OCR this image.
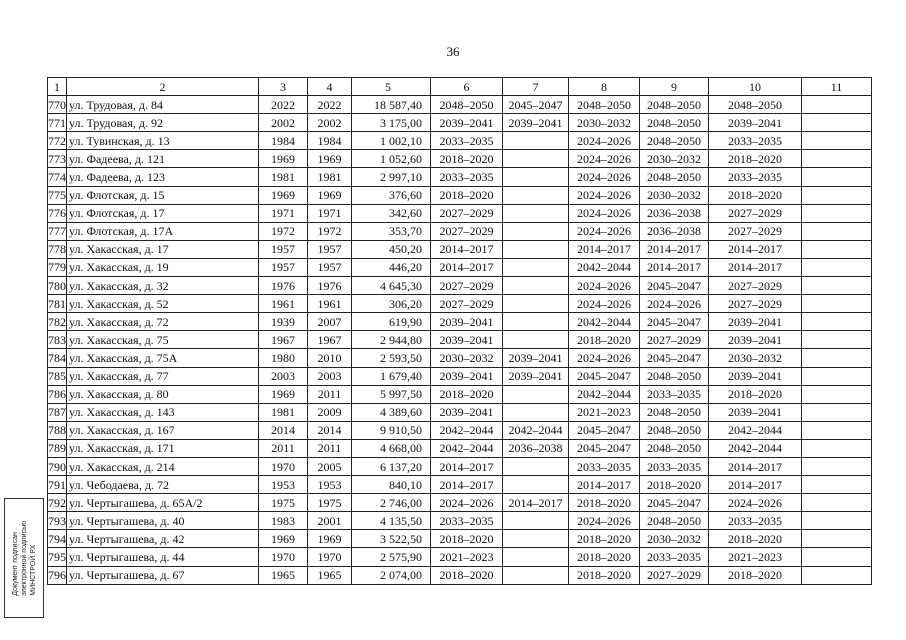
36
1	2	3	4	5	6	7	8	9	10	11
770	ул. Трудовая, д. 84	2022	2022	18 587,40	2048–2050	2045–2047	2048–2050	2048–2050	2048–2050	
771	ул. Трудовая, д. 92	2002	2002	3 175,00	2039–2041	2039–2041	2030–2032	2048–2050	2039–2041	
772	ул. Тувинская, д. 13	1984	1984	1 002,10	2033–2035		2024–2026	2048–2050	2033–2035	
773	ул. Фадеева, д. 121	1969	1969	1 052,60	2018–2020		2024–2026	2030–2032	2018–2020	
774	ул. Фадеева, д. 123	1981	1981	2 997,10	2033–2035		2024–2026	2048–2050	2033–2035	
775	ул. Флотская, д. 15	1969	1969	376,60	2018–2020		2024–2026	2030–2032	2018–2020	
776	ул. Флотская, д. 17	1971	1971	342,60	2027–2029		2024–2026	2036–2038	2027–2029	
777	ул. Флотская, д. 17А	1972	1972	353,70	2027–2029		2024–2026	2036–2038	2027–2029	
778	ул. Хакасская, д. 17	1957	1957	450,20	2014–2017		2014–2017	2014–2017	2014–2017	
779	ул. Хакасская, д. 19	1957	1957	446,20	2014–2017		2042–2044	2014–2017	2014–2017	
780	ул. Хакасская, д. 32	1976	1976	4 645,30	2027–2029		2024–2026	2045–2047	2027–2029	
781	ул. Хакасская, д. 52	1961	1961	306,20	2027–2029		2024–2026	2024–2026	2027–2029	
782	ул. Хакасская, д. 72	1939	2007	619,90	2039–2041		2042–2044	2045–2047	2039–2041	
783	ул. Хакасская, д. 75	1967	1967	2 944,80	2039–2041		2018–2020	2027–2029	2039–2041	
784	ул. Хакасская, д. 75А	1980	2010	2 593,50	2030–2032	2039–2041	2024–2026	2045–2047	2030–2032	
785	ул. Хакасская, д. 77	2003	2003	1 679,40	2039–2041	2039–2041	2045–2047	2048–2050	2039–2041	
786	ул. Хакасская, д. 80	1969	2011	5 997,50	2018–2020		2042–2044	2033–2035	2018–2020	
787	ул. Хакасская, д. 143	1981	2009	4 389,60	2039–2041		2021–2023	2048–2050	2039–2041	
788	ул. Хакасская, д. 167	2014	2014	9 910,50	2042–2044	2042–2044	2045–2047	2048–2050	2042–2044	
789	ул. Хакасская, д. 171	2011	2011	4 668,00	2042–2044	2036–2038	2045–2047	2048–2050	2042–2044	
790	ул. Хакасская, д. 214	1970	2005	6 137,20	2014–2017		2033–2035	2033–2035	2014–2017	
791	ул. Чебодаева, д. 72	1953	1953	840,10	2014–2017		2014–2017	2018–2020	2014–2017	
792	ул. Чертыгашева, д. 65А/2	1975	1975	2 746,00	2024–2026	2014–2017	2018–2020	2045–2047	2024–2026	
793	ул. Чертыгашева, д. 40	1983	2001	4 135,50	2033–2035		2024–2026	2048–2050	2033–2035	
794	ул. Чертыгашева, д. 42	1969	1969	3 522,50	2018–2020		2018–2020	2030–2032	2018–2020	
795	ул. Чертыгашева, д. 44	1970	1970	2 575,90	2021–2023		2018–2020	2033–2035	2021–2023	
796	ул. Чертыгашева, д. 67	1965	1965	2 074,00	2018–2020		2018–2020	2027–2029	2018–2020	
Документ подписан электронной подписью МИНСТРОЙ РХ
